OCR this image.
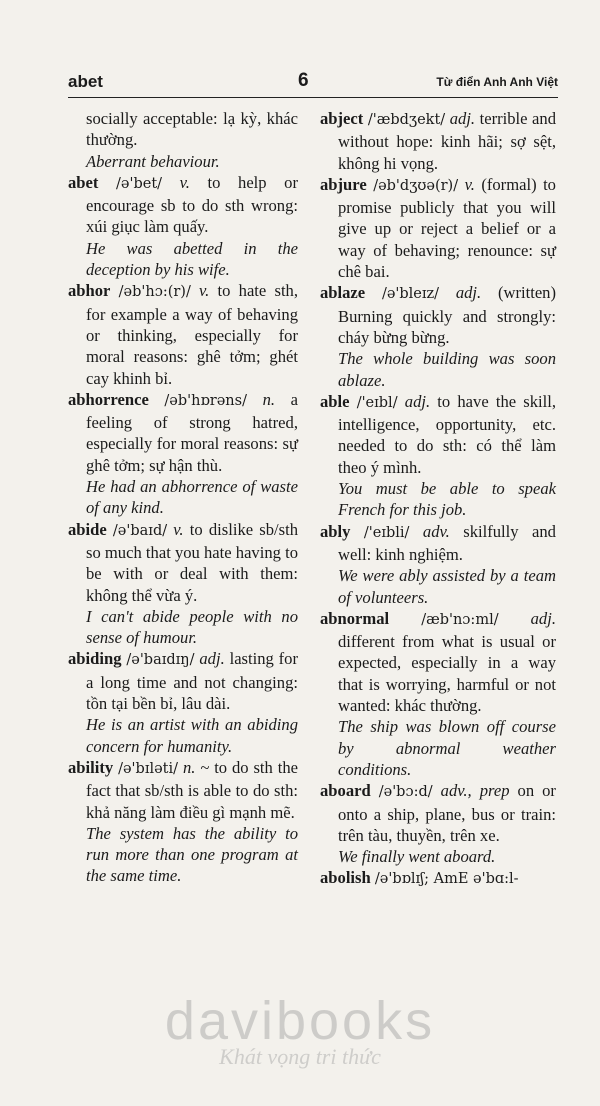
abet	6	Từ điển Anh Anh Việt

socially acceptable: lạ kỳ, khác thường.

Aberrant behaviour.

abet /ə'bet/ v. to help or encourage sb to do sth wrong: xúi giục làm quấy.

He was abetted in the deception by his wife.

abhor /əb'hɔ:(r)/ v. to hate sth, for example a way of behaving or thinking, especially for moral reasons: ghê tởm; ghét cay khinh bỉ.

abhorrence /əb'hɒrəns/ n. a feeling of strong hatred, especially for moral reasons: sự ghê tởm; sự hận thù.

He had an abhorrence of waste of any kind.

abide /ə'baɪd/ v. to dislike sb/sth so much that you hate having to be with or deal with them: không thể vừa ý.

I can't abide people with no sense of humour.

abiding /ə'baɪdɪŋ/ adj. lasting for a long time and not changing: tồn tại bền bỉ, lâu dài.

He is an artist with an abiding concern for humanity.

ability /ə'bɪləti/ n. ~ to do sth the fact that sb/sth is able to do sth: khả năng làm điều gì mạnh mẽ.

The system has the ability to run more than one program at the same time.

abject /'æbdʒekt/ adj. terrible and without hope: kinh hãi; sợ sệt, không hi vọng.

abjure /əb'dʒʊə(r)/ v. (formal) to promise publicly that you will give up or reject a belief or a way of behaving; renounce: sự chê bai.

ablaze /ə'bleɪz/ adj. (written) Burning quickly and strongly: cháy bừng bừng.

The whole building was soon ablaze.

able /'eɪbl/ adj. to have the skill, intelligence, opportunity, etc. needed to do sth: có thể làm theo ý mình.

You must be able to speak French for this job.

ably /'eɪbli/ adv. skilfully and well: kinh nghiệm.

We were ably assisted by a team of volunteers.

abnormal /æb'nɔ:ml/ adj. different from what is usual or expected, especially in a way that is worrying, harmful or not wanted: khác thường.

The ship was blown off course by abnormal weather conditions.

aboard /ə'bɔ:d/ adv., prep on or onto a ship, plane, bus or train: trên tàu, thuyền, trên xe.

We finally went aboard.

abolish /ə'bɒlɪʃ; AmE ə'bɑ:l-

davibooks
Khát vọng tri thức
